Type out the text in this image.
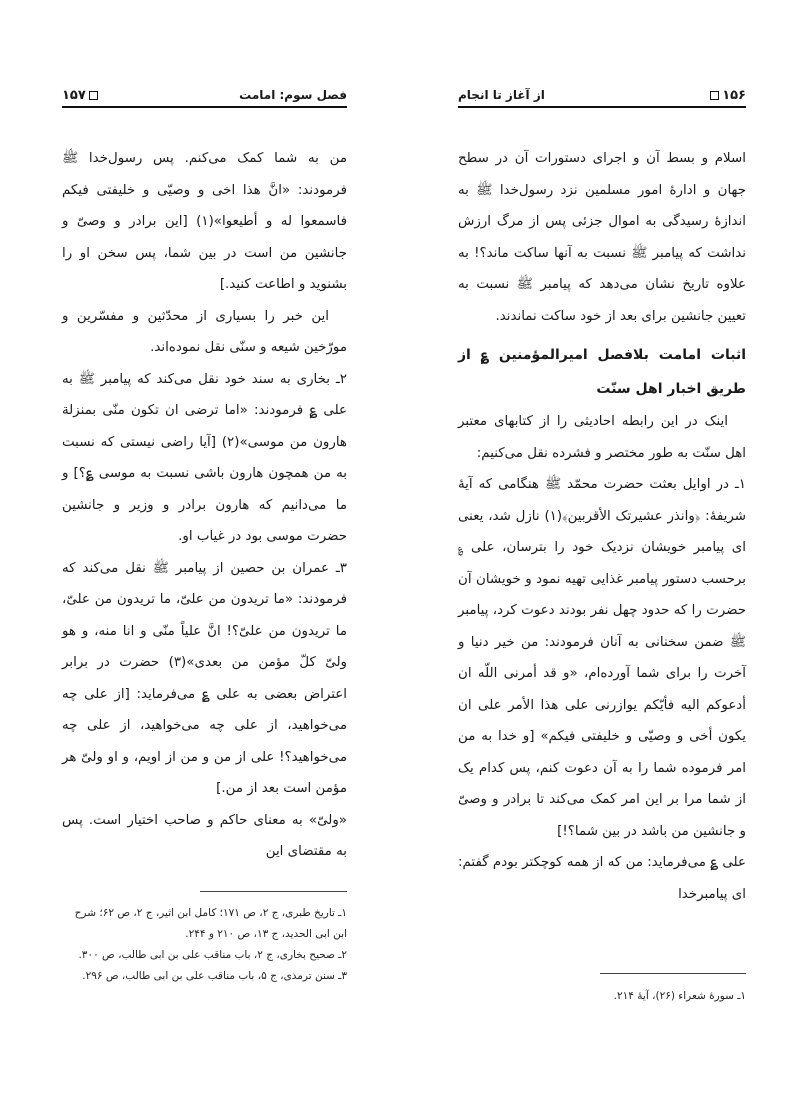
فصل سوم: امامت
۱۵۷

من به شما کمک می‌کنم. پس رسول‌خدا ﷺ فرمودند: «انَّ هذا اخی و وصیّی و خلیفتی فیکم فاسمعوا له و أطیعوا»(۱) [این برادر و وصیّ و جانشین من است در بین شما، پس سخن او را بشنوید و اطاعت کنید.]

این خبر را بسیاری از محدّثین و مفسّرین و مورّخین شیعه و سنّی نقل نموده‌اند.

۲ـ بخاری به سند خود نقل می‌کند که پیامبر ﷺ به علی ؏ فرمودند: «اما ترضی ان تکون منّی بمنزلة هارون من موسی»(۲) [آیا راضی نیستی که نسبت به من همچون هارون باشی نسبت به موسی ؏؟] و ما می‌دانیم که هارون برادر و وزیر و جانشین حضرت موسی بود در غیاب او.

۳ـ عمران بن حصین از پیامبر ﷺ نقل می‌کند که فرمودند: «ما تریدون من علیّ، ما تریدون من علیّ، ما تریدون من علیّ؟! انَّ علیاً منّی و انا منه، و هو ولیّ کلّ مؤمن من بعدی»(۳) حضرت در برابر اعتراض بعضی به علی ؏ می‌فرماید: [از علی چه می‌خواهید، از علی چه می‌خواهید، از علی چه می‌خواهید؟! علی از من و من از اویم، و او ولیّ هر مؤمن است بعد از من.]

«ولیّ» به معنای حاکم و صاحب اختیار است. پس به مقتضای این

۱ـ تاریخ طبری، ج ۲، ص ۱۷۱؛ کامل ابن اثیر، ج ۲، ص ۶۲؛ شرح ابن ابی الحدید، ج ۱۳، ص ۲۱۰ و ۲۴۴.

۲ـ صحیح بخاری، ج ۲، باب مناقب علی بن ابی طالب، ص ۳۰۰.

۳ـ سنن ترمذی، ج ۵، باب مناقب علی بن ابی طالب، ص ۲۹۶.

۱۵۶
از آغاز تا انجام

اسلام و بسط آن و اجرای دستورات آن در سطح جهان و ادارهٔ امور مسلمین نزد رسول‌خدا ﷺ به اندازهٔ رسیدگی به اموال جزئی پس از مرگ ارزش نداشت که پیامبر ﷺ نسبت به آنها ساکت ماند؟! به علاوه تاریخ نشان می‌دهد که پیامبر ﷺ نسبت به تعیین جانشین برای بعد از خود ساکت نماندند.

اثبات امامت بلافصل امیرالمؤمنین ؏ از طریق اخبار اهل سنّت

اینک در این رابطه احادیثی را از کتابهای معتبر اهل سنّت به طور مختصر و فشرده نقل می‌کنیم:

۱ـ در اوایل بعثت حضرت محمّد ﷺ هنگامی که آیهٔ شریفهٔ: ﴿وانذر عشیرتک الأقربین﴾(۱) نازل شد، یعنی ای پیامبر خویشان نزدیک خود را بترسان، علی ؏ برحسب دستور پیامبر غذایی تهیه نمود و خویشان آن حضرت را که حدود چهل نفر بودند دعوت کرد، پیامبر ﷺ ضمن سخنانی به آنان فرمودند: من خیر دنیا و آخرت را برای شما آورده‌ام، «و قد أمرنی اللّه ان أدعوکم الیه فأیّکم یوازرنی علی هذا الأمر علی ان یکون أخی و وصیّی و خلیفتی فیکم» [و خدا به من امر فرموده شما را به آن دعوت کنم، پس کدام یک از شما مرا بر این امر کمک می‌کند تا برادر و وصیّ و جانشین من باشد در بین شما؟!]

علی ؏ می‌فرماید: من که از همه کوچکتر بودم گفتم: ای پیامبرخدا

۱ـ سورهٔ شعراء (۲۶)، آیهٔ ۲۱۴.
